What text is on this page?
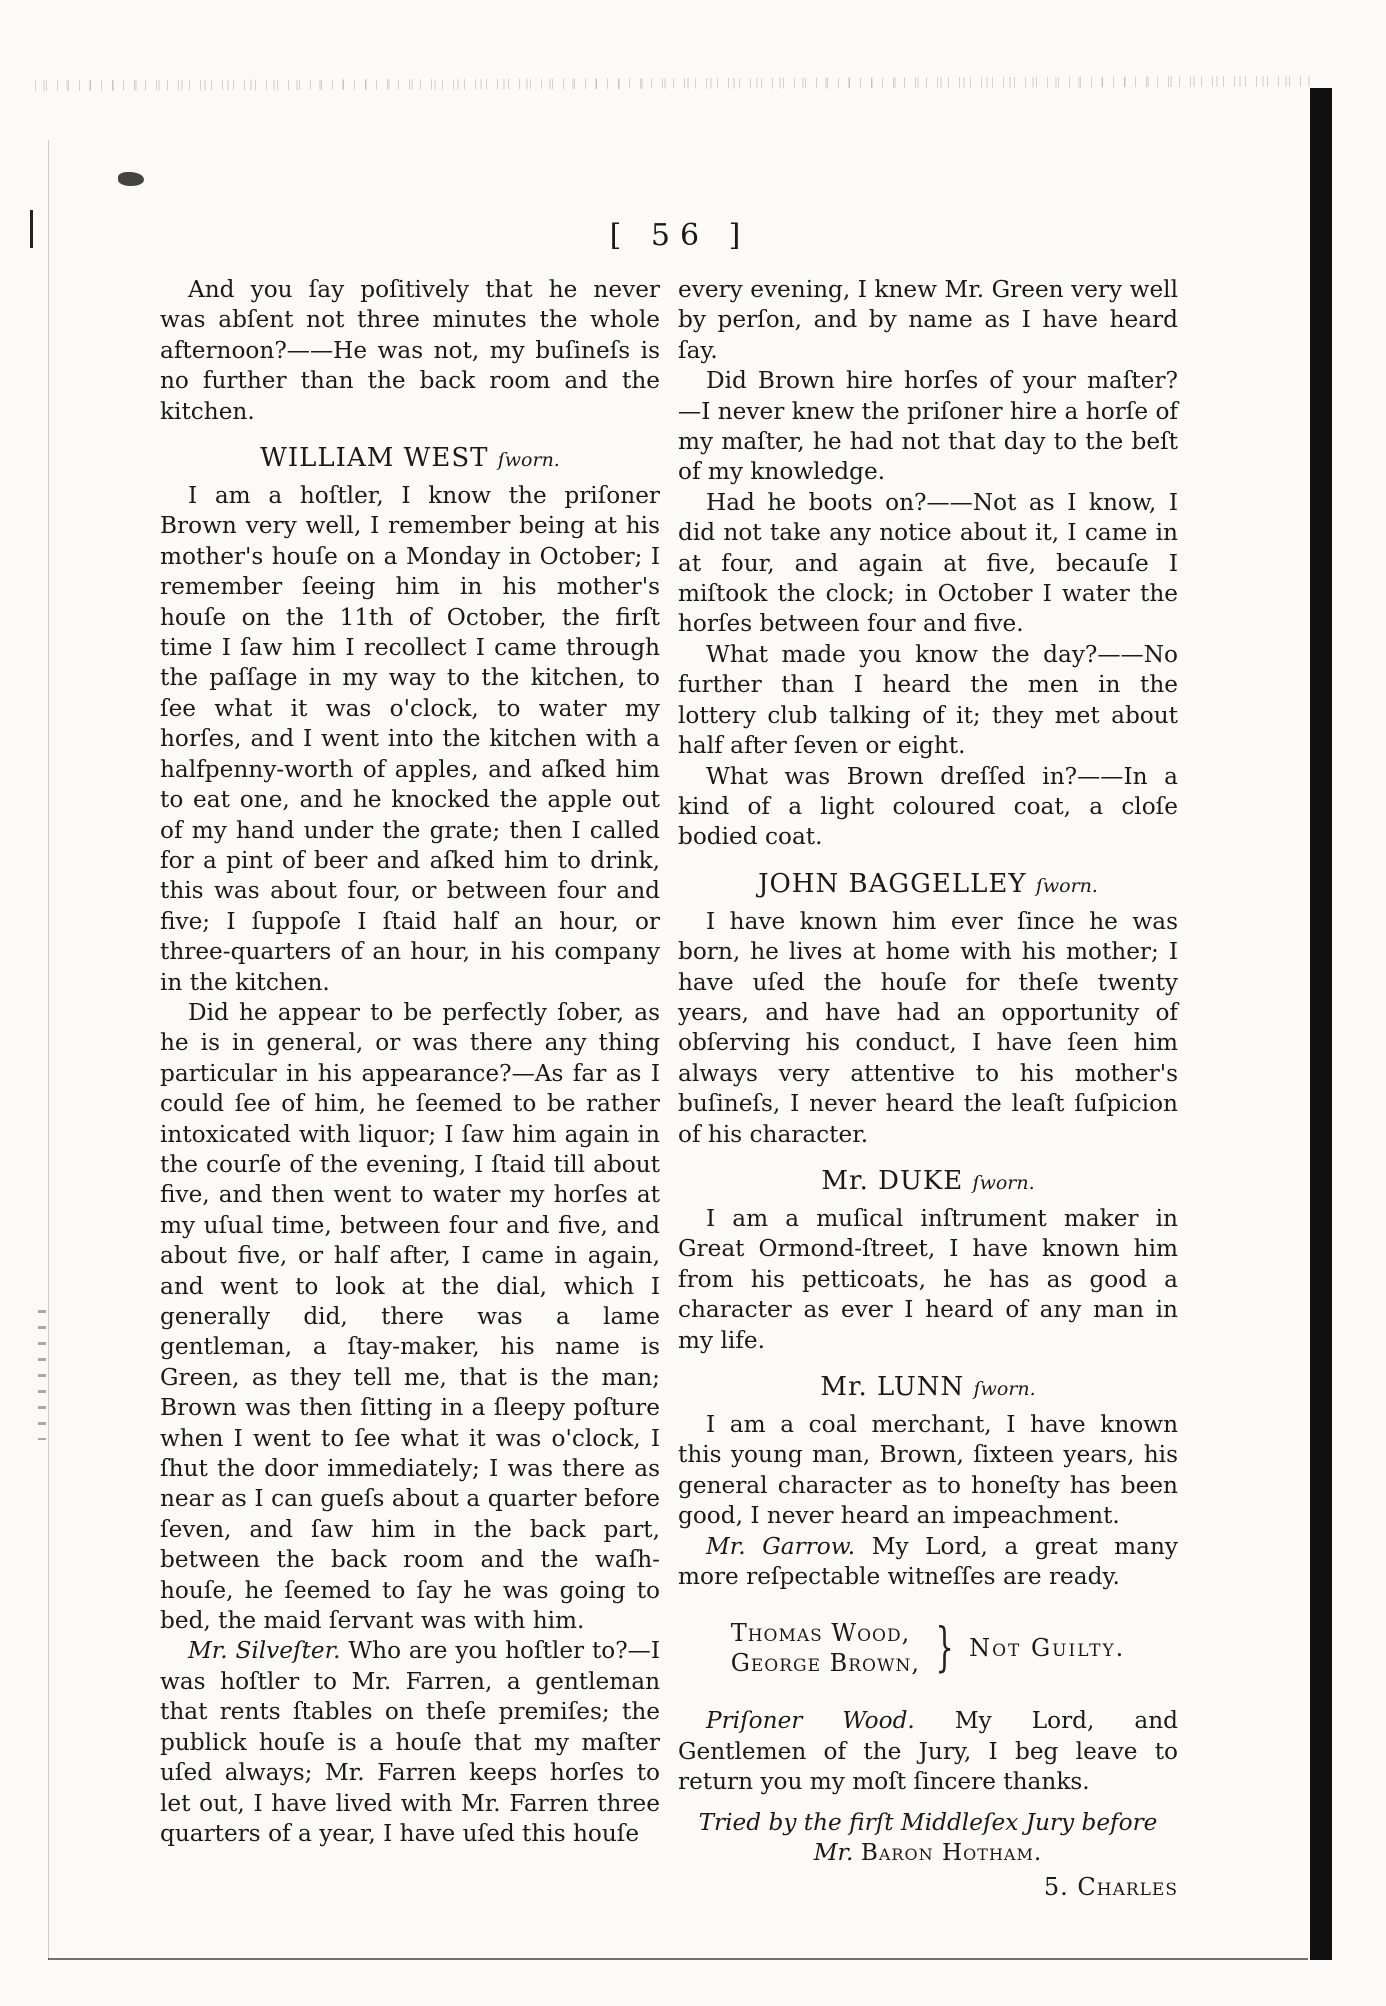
[ 56 ]

And you ſay poſitively that he never was abſent not three minutes the whole afternoon?——He was not, my buſineſs is no further than the back room and the kitchen.

WILLIAM WEST ſworn.

I am a hoſtler, I know the priſoner Brown very well, I remember being at his mother's houſe on a Monday in October; I remember ſeeing him in his mother's houſe on the 11th of October, the firſt time I ſaw him I recollect I came through the paſſage in my way to the kitchen, to ſee what it was o'clock, to water my horſes, and I went into the kitchen with a halfpenny-worth of apples, and aſked him to eat one, and he knocked the apple out of my hand under the grate; then I called for a pint of beer and aſked him to drink, this was about four, or between four and five; I ſuppoſe I ſtaid half an hour, or three-quarters of an hour, in his company in the kitchen.

Did he appear to be perfectly ſober, as he is in general, or was there any thing particular in his appearance?—As far as I could ſee of him, he ſeemed to be rather intoxicated with liquor; I ſaw him again in the courſe of the evening, I ſtaid till about five, and then went to water my horſes at my uſual time, between four and five, and about five, or half after, I came in again, and went to look at the dial, which I generally did, there was a lame gentleman, a ſtay-maker, his name is Green, as they tell me, that is the man; Brown was then ſitting in a ſleepy poſture when I went to ſee what it was o'clock, I ſhut the door immediately; I was there as near as I can gueſs about a quarter before ſeven, and ſaw him in the back part, between the back room and the waſh-houſe, he ſeemed to ſay he was going to bed, the maid ſervant was with him.

Mr. Silveſter. Who are you hoſtler to?—I was hoſtler to Mr. Farren, a gentleman that rents ſtables on theſe premiſes; the publick houſe is a houſe that my maſter uſed always; Mr. Farren keeps horſes to let out, I have lived with Mr. Farren three quarters of a year, I have uſed this houſe

every evening, I knew Mr. Green very well by perſon, and by name as I have heard ſay.

Did Brown hire horſes of your maſter?—I never knew the priſoner hire a horſe of my maſter, he had not that day to the beſt of my knowledge.

Had he boots on?——Not as I know, I did not take any notice about it, I came in at four, and again at five, becauſe I miſtook the clock; in October I water the horſes between four and five.

What made you know the day?——No further than I heard the men in the lottery club talking of it; they met about half after ſeven or eight.

What was Brown dreſſed in?——In a kind of a light coloured coat, a cloſe bodied coat.

JOHN BAGGELLEY ſworn.

I have known him ever ſince he was born, he lives at home with his mother; I have uſed the houſe for theſe twenty years, and have had an opportunity of obſerving his conduct, I have ſeen him always very attentive to his mother's buſineſs, I never heard the leaſt ſuſpicion of his character.

Mr. DUKE ſworn.

I am a muſical inſtrument maker in Great Ormond-ſtreet, I have known him from his petticoats, he has as good a character as ever I heard of any man in my life.

Mr. LUNN ſworn.

I am a coal merchant, I have known this young man, Brown, ſixteen years, his general character as to honeſty has been good, I never heard an impeachment.

Mr. Garrow. My Lord, a great many more reſpectable witneſſes are ready.

Thomas Wood,
George Brown, } Not Guilty.

Priſoner Wood. My Lord, and Gentlemen of the Jury, I beg leave to return you my moſt ſincere thanks.

Tried by the firſt Middleſex Jury before
Mr. Baron Hotham.
5. Charles
